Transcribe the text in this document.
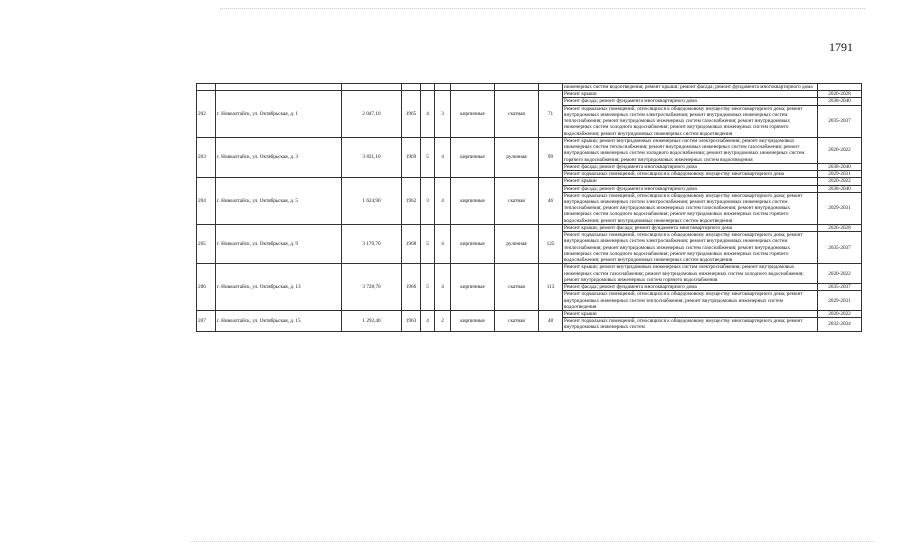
1791
									инженерных систем водоотведения; ремонт крыши; ремонт фасада; ремонт фундамента многоквартирного дома	
202	г. Новоалтайск, ул. Октябрьская, д. 1	2 047,10	1965	4	3	кирпичные	скатная	71	Ремонт крыши	2026-2028
									Ремонт фасада; ремонт фундамента многоквартирного дома	2038-2040
									Ремонт подвальных помещений, относящихся к общедомовому имуществу многоквартирного дома; ремонт внутридомовых инженерных систем электроснабжения; ремонт внутридомовых инженерных систем теплоснабжения; ремонт внутридомовых инженерных систем газоснабжения; ремонт внутридомовых инженерных систем холодного водоснабжения; ремонт внутридомовых инженерных систем горячего водоснабжения; ремонт внутридомовых инженерных систем водоотведения	2035-2037
203	г. Новоалтайск, ул. Октябрьская, д. 3	3 831,10	1969	5	4	кирпичные	рулонная	99	Ремонт крыши; ремонт внутридомовых инженерных систем электроснабжения; ремонт внутридомовых инженерных систем теплоснабжения; ремонт внутридомовых инженерных систем газоснабжения; ремонт внутридомовых инженерных систем холодного водоснабжения; ремонт внутридомовых инженерных систем горячего водоснабжения; ремонт внутридомовых инженерных систем водоотведения	2020-2022
									Ремонт фасада; ремонт фундамента многоквартирного дома	2038-2040
									Ремонт подвальных помещений, относящихся к общедомовому имуществу многоквартирного дома	2029-2031
204	г. Новоалтайск, ул. Октябрьская, д. 5	1 624,90	1962	3	4	кирпичные	скатная	46	Ремонт крыши	2020-2022
									Ремонт фасада; ремонт фундамента многоквартирного дома	2038-2040
									Ремонт подвальных помещений, относящихся к общедомовому имуществу многоквартирного дома; ремонт внутридомовых инженерных систем электроснабжения; ремонт внутридомовых инженерных систем теплоснабжения; ремонт внутридомовых инженерных систем газоснабжения; ремонт внутридомовых инженерных систем холодного водоснабжения; ремонт внутридомовых инженерных систем горячего водоснабжения; ремонт внутридомовых инженерных систем водоотведения	2029-2031
205	г. Новоалтайск, ул. Октябрьская, д. 9	3 170,70	1968	5	4	кирпичные	рулонная	125	Ремонт крыши; ремонт фасада; ремонт фундамента многоквартирного дома	2026-2028
									Ремонт подвальных помещений, относящихся к общедомовому имуществу многоквартирного дома; ремонт внутридомовых инженерных систем электроснабжения; ремонт внутридомовых инженерных систем теплоснабжения; ремонт внутридомовых инженерных систем газоснабжения; ремонт внутридомовых инженерных систем холодного водоснабжения; ремонт внутридомовых инженерных систем горячего водоснабжения; ремонт внутридомовых инженерных систем водоотведения	2035-2037
206	г. Новоалтайск, ул. Октябрьская, д. 13	3 728,70	1966	5	4	кирпичные	скатная	113	Ремонт крыши; ремонт внутридомовых инженерных систем электроснабжения; ремонт внутридомовых инженерных систем газоснабжения; ремонт внутридомовых инженерных систем холодного водоснабжения; ремонт внутридомовых инженерных систем горячего водоснабжения	2020-2022
									Ремонт фасада; ремонт фундамента многоквартирного дома	2035-2037
									Ремонт подвальных помещений, относящихся к общедомовому имуществу многоквартирного дома; ремонт внутридомовых инженерных систем теплоснабжения; ремонт внутридомовых инженерных систем водоотведения	2029-2031
207	г. Новоалтайск, ул. Октябрьская, д. 15	1 292,40	1963	4	2	кирпичные	скатная	48	Ремонт крыши	2020-2022
									Ремонт подвальных помещений, относящихся к общедомовому имуществу многоквартирного дома; ремонт внутридомовых инженерных систем	2032-2034
